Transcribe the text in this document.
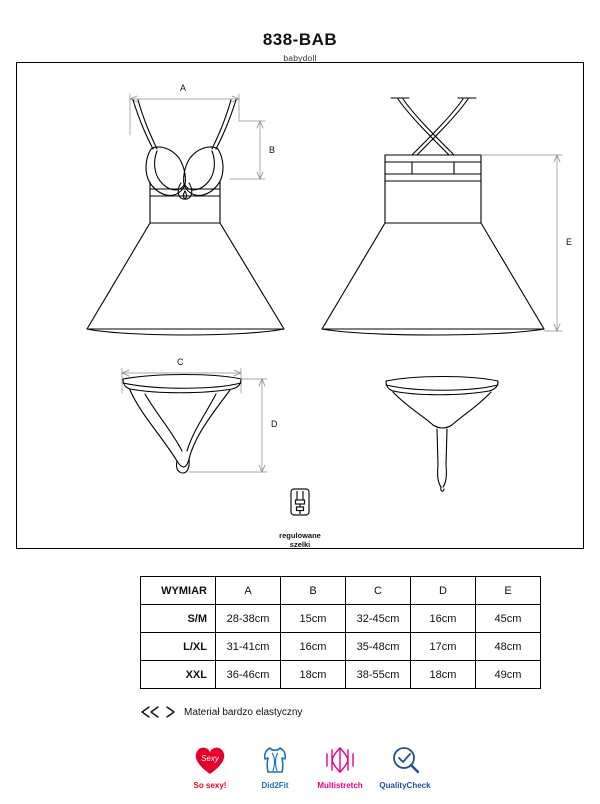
838-BAB
babydoll
A
B
E
C
D
regulowane
szelki
WYMIAR	A	B	C	D	E
S/M	28-38cm	15cm	32-45cm	16cm	45cm
L/XL	31-41cm	16cm	35-48cm	17cm	48cm
XXL	36-46cm	18cm	38-55cm	18cm	49cm
Materiał bardzo elastyczny
Sexy
So sexy!	Did2Fit	Multistretch	QualityCheck
